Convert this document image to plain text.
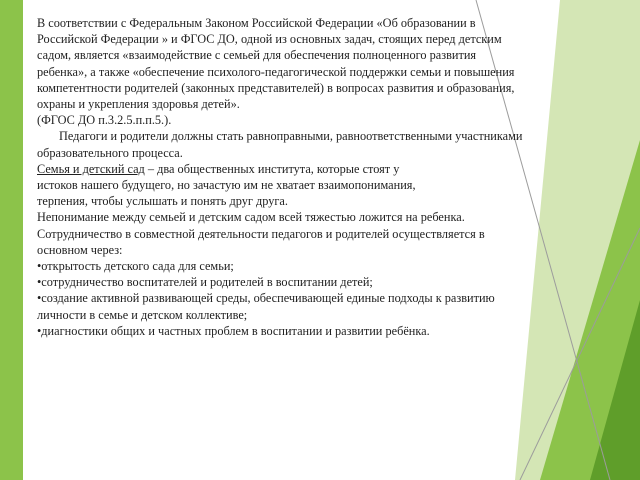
В соответствии с Федеральным Законом Российской Федерации «Об образовании в
Российской Федерации » и ФГОС ДО, одной из основных задач, стоящих перед детским
садом, является «взаимодействие с семьей для обеспечения полноценного развития
ребенка», а также «обеспечение психолого-педагогической поддержки семьи и повышения
компетентности родителей (законных представителей) в вопросах развития и образования,
охраны и укрепления здоровья детей».
(ФГОС ДО п.3.2.5.п.п.5.).
Педагоги и родители должны стать равноправными, равноответственными участниками
образовательного процесса.
Семья и детский сад – два общественных института, которые стоят у
истоков нашего будущего, но зачастую им не хватает взаимопонимания,
терпения, чтобы услышать и понять друг друга.
Непонимание между семьей и детским садом всей тяжестью ложится на ребенка.
Сотрудничество в совместной деятельности педагогов и родителей осуществляется в
основном через:
•открытость детского сада для семьи;
•сотрудничество воспитателей и родителей в воспитании детей;
•создание активной развивающей среды, обеспечивающей единые подходы к развитию
личности в семье и детском коллективе;
•диагностики общих и частных проблем в воспитании и развитии ребёнка.
